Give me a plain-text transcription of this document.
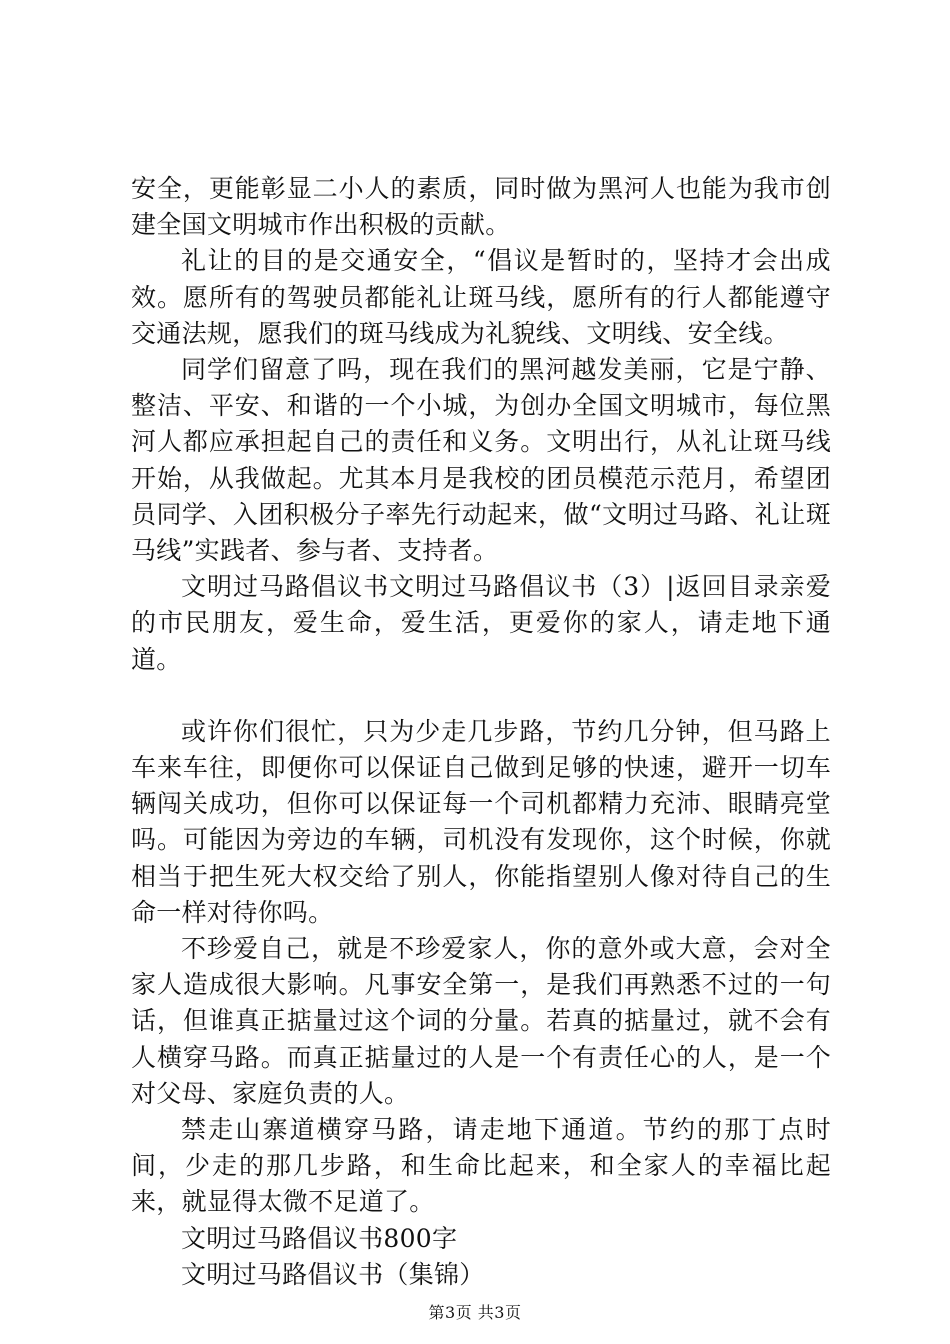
安全，更能彰显二小人的素质，同时做为黑河人也能为我市创建全国文明城市作出积极的贡献。

礼让的目的是交通安全，“倡议是暂时的，坚持才会出成效。愿所有的驾驶员都能礼让斑马线，愿所有的行人都能遵守交通法规，愿我们的斑马线成为礼貌线、文明线、安全线。

同学们留意了吗，现在我们的黑河越发美丽，它是宁静、整洁、平安、和谐的一个小城，为创办全国文明城市，每位黑河人都应承担起自己的责任和义务。文明出行，从礼让斑马线开始，从我做起。尤其本月是我校的团员模范示范月，希望团员同学、入团积极分子率先行动起来，做“文明过马路、礼让斑马线”实践者、参与者、支持者。

文明过马路倡议书文明过马路倡议书（3）|返回目录亲爱的市民朋友，爱生命，爱生活，更爱你的家人，请走地下通道。

或许你们很忙，只为少走几步路，节约几分钟，但马路上车来车往，即便你可以保证自己做到足够的快速，避开一切车辆闯关成功，但你可以保证每一个司机都精力充沛、眼睛亮堂吗。可能因为旁边的车辆，司机没有发现你，这个时候，你就相当于把生死大权交给了别人，你能指望别人像对待自己的生命一样对待你吗。

不珍爱自己，就是不珍爱家人，你的意外或大意，会对全家人造成很大影响。凡事安全第一，是我们再熟悉不过的一句话，但谁真正掂量过这个词的分量。若真的掂量过，就不会有人横穿马路。而真正掂量过的人是一个有责任心的人，是一个对父母、家庭负责的人。

禁走山寨道横穿马路，请走地下通道。节约的那丁点时间，少走的那几步路，和生命比起来，和全家人的幸福比起来，就显得太微不足道了。

文明过马路倡议书800字

文明过马路倡议书（集锦）

第3页 共3页
